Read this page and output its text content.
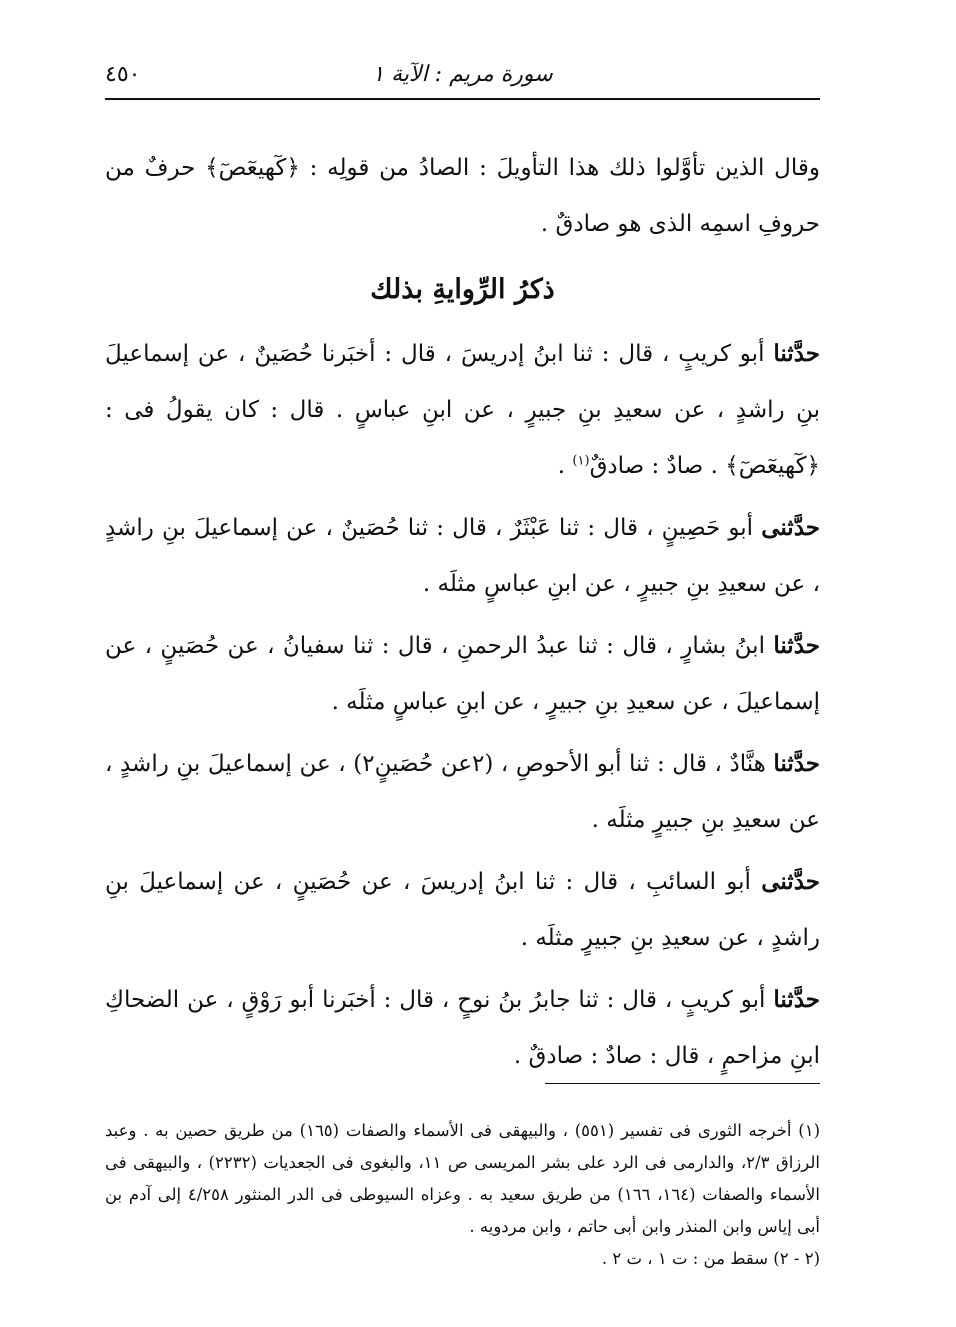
٤٥٠	سورة مريم : الآية ١

وقال الذين تأوَّلوا ذلك هذا التأويلَ : الصادُ من قولِه : ﴿كٓهيعٓصٓ﴾ حرفٌ من حروفِ اسمِه الذى هو صادقٌ .

ذكرُ الرِّوايةِ بذلك

حدَّثنا أبو كريبٍ ، قال : ثنا ابنُ إدريسَ ، قال : أخبَرنا حُصَينٌ ، عن إسماعيلَ بنِ راشدٍ ، عن سعيدِ بنِ جبيرٍ ، عن ابنِ عباسٍ . قال : كان يقولُ فى : ﴿كٓهيعٓصٓ﴾ . صادٌ : صادقٌ$^{(١)}$ .

حدَّثنى أبو حَصِينٍ ، قال : ثنا عَبْثَرٌ ، قال : ثنا حُصَينٌ ، عن إسماعيلَ بنِ راشدٍ ، عن سعيدِ بنِ جبيرٍ ، عن ابنِ عباسٍ مثلَه .

حدَّثنا ابنُ بشارٍ ، قال : ثنا عبدُ الرحمنِ ، قال : ثنا سفيانُ ، عن حُصَينٍ ، عن إسماعيلَ ، عن سعيدِ بنِ جبيرٍ ، عن ابنِ عباسٍ مثلَه .

حدَّثنا هنَّادٌ ، قال : ثنا أبو الأحوصِ ، (٢عن حُصَينٍ٢) ، عن إسماعيلَ بنِ راشدٍ ، عن سعيدِ بنِ جبيرٍ مثلَه .

حدَّثنى أبو السائبِ ، قال : ثنا ابنُ إدريسَ ، عن حُصَينٍ ، عن إسماعيلَ بنِ راشدٍ ، عن سعيدِ بنِ جبيرٍ مثلَه .

حدَّثنا أبو كريبٍ ، قال : ثنا جابرُ بنُ نوحٍ ، قال : أخبَرنا أبو رَوْقٍ ، عن الضحاكِ ابنِ مزاحمٍ ، قال : صادٌ : صادقٌ .

(١) أخرجه الثورى فى تفسير (٥٥١) ، والبيهقى فى الأسماء والصفات (١٦٥) من طريق حصين به . وعبد الرزاق ٢/٣، والدارمى فى الرد على بشر المريسى ص ١١، والبغوى فى الجعديات (٢٢٣٢) ، والبيهقى فى الأسماء والصفات (١٦٤، ١٦٦) من طريق سعيد به . وعزاه السيوطى فى الدر المنثور ٤/٢٥٨ إلى آدم بن أبى إياس وابن المنذر وابن أبى حاتم ، وابن مردويه .

(٢ - ٢) سقط من : ت ١ ، ت ٢ .
